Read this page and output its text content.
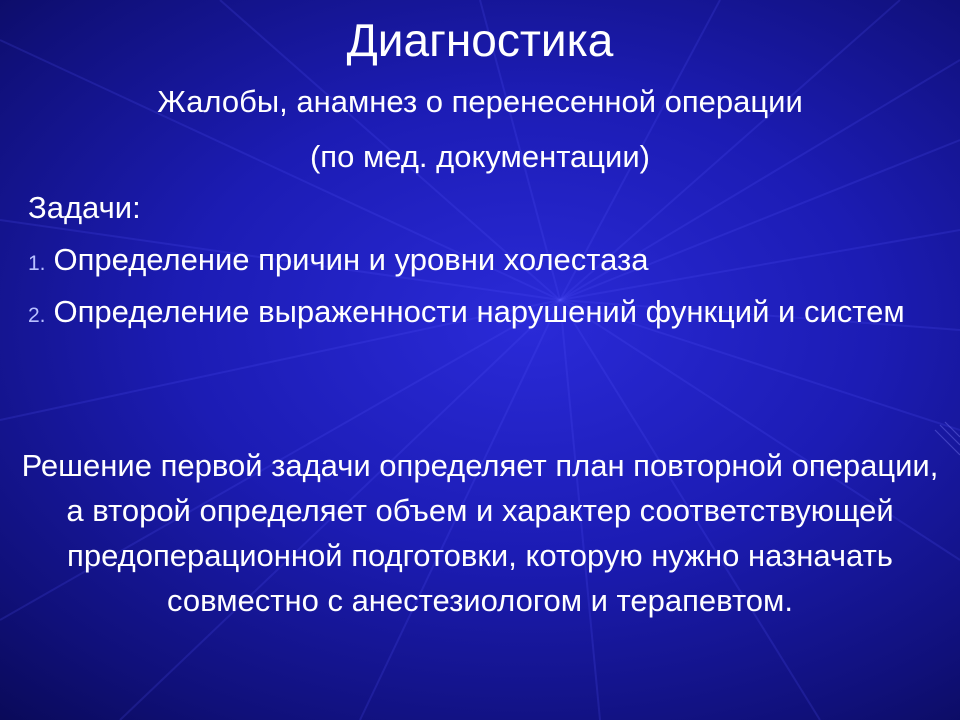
Диагностика

Жалобы, анамнез о перенесенной операции

(по мед. документации)

Задачи:

1. Определение причин и уровни холестаза
2. Определение выраженности нарушений функций и систем

Решение первой задачи определяет план повторной операции, а второй определяет объем и характер соответствующей предоперационной подготовки, которую нужно назначать совместно с анестезиологом и терапевтом.
